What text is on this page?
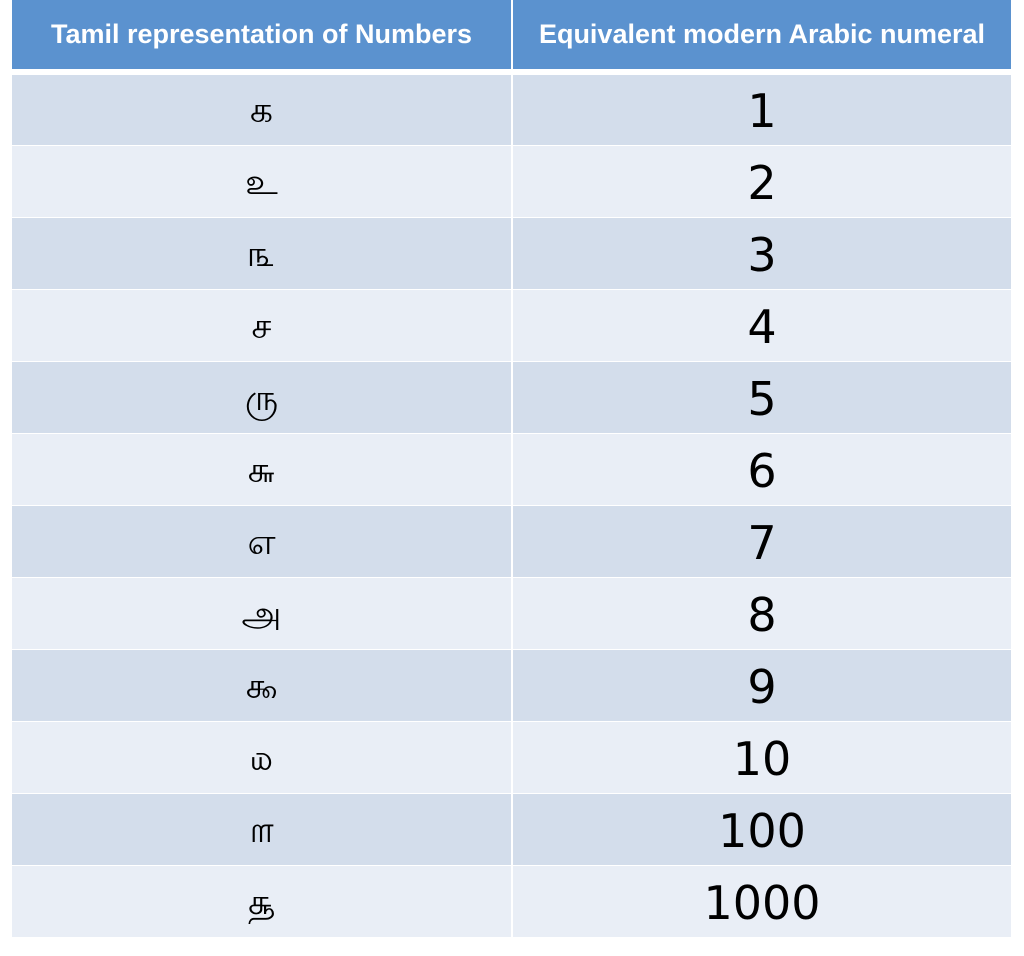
Tamil representation of Numbers	Equivalent modern Arabic numeral
க	1
உ	2
௩	3
ச	4
ரு	5
௬	6
எ	7
அ	8
௯	9
௰	10
௱	100
௲	1000
